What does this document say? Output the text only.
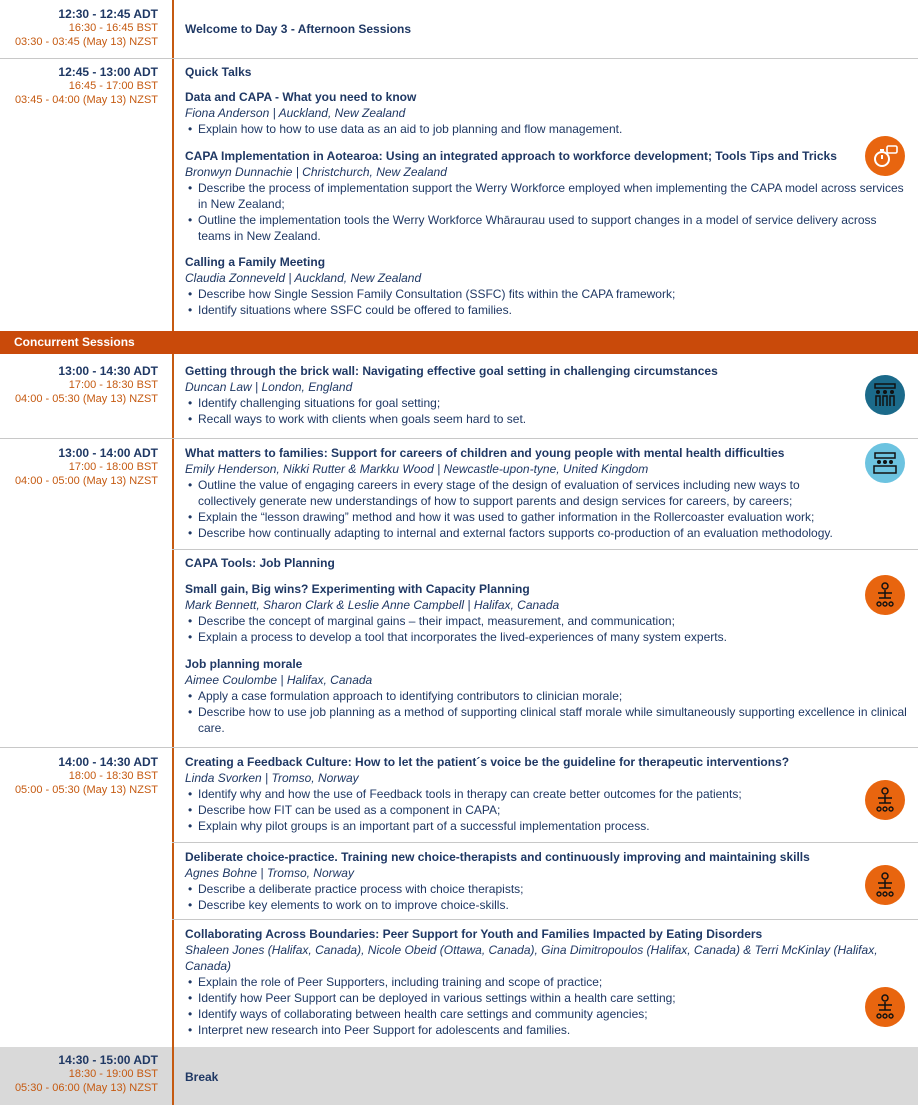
12:30 - 12:45 ADT
16:30 - 16:45 BST
03:30 - 03:45 (May 13) NZST
Welcome to Day 3 - Afternoon Sessions
12:45 - 13:00 ADT
16:45 - 17:00 BST
03:45 - 04:00 (May 13) NZST
Quick Talks
Data and CAPA - What you need to know
Fiona Anderson | Auckland, New Zealand
• Explain how to how to use data as an aid to job planning and flow management.
CAPA Implementation in Aotearoa: Using an integrated approach to workforce development; Tools Tips and Tricks
Bronwyn Dunnachie | Christchurch, New Zealand
• Describe the process of implementation support the Werry Workforce employed when implementing the CAPA model across services in New Zealand;
• Outline the implementation tools the Werry Workforce Whāraurau used to support changes in a model of service delivery across teams in New Zealand.
Calling a Family Meeting
Claudia Zonneveld | Auckland, New Zealand
• Describe how Single Session Family Consultation (SSFC) fits within the CAPA framework;
• Identify situations where SSFC could be offered to families.
Concurrent Sessions
13:00 - 14:30 ADT
17:00 - 18:30 BST
04:00 - 05:30 (May 13) NZST
Getting through the brick wall: Navigating effective goal setting in challenging circumstances
Duncan Law | London, England
• Identify challenging situations for goal setting;
• Recall ways to work with clients when goals seem hard to set.
13:00 - 14:00 ADT
17:00 - 18:00 BST
04:00 - 05:00 (May 13) NZST
What matters to families: Support for careers of children and young people with mental health difficulties
Emily Henderson, Nikki Rutter & Markku Wood | Newcastle-upon-tyne, United Kingdom
• Outline the value of engaging careers in every stage of the design of evaluation of services including new ways to collectively generate new understandings of how to support parents and design services for careers, by careers;
• Explain the “lesson drawing” method and how it was used to gather information in the Rollercoaster evaluation work;
• Describe how continually adapting to internal and external factors supports co-production of an evaluation methodology.
CAPA Tools: Job Planning
Small gain, Big wins? Experimenting with Capacity Planning
Mark Bennett, Sharon Clark & Leslie Anne Campbell | Halifax, Canada
• Describe the concept of marginal gains – their impact, measurement, and communication;
• Explain a process to develop a tool that incorporates the lived-experiences of many system experts.
Job planning morale
Aimee Coulombe | Halifax, Canada
• Apply a case formulation approach to identifying contributors to clinician morale;
• Describe how to use job planning as a method of supporting clinical staff morale while simultaneously supporting excellence in clinical care.
14:00 - 14:30 ADT
18:00 - 18:30 BST
05:00 - 05:30 (May 13) NZST
Creating a Feedback Culture: How to let the patient´s voice be the guideline for therapeutic interventions?
Linda Svorken | Tromso, Norway
• Identify why and how the use of Feedback tools in therapy can create better outcomes for the patients;
• Describe how FIT can be used as a component in CAPA;
• Explain why pilot groups is an important part of a successful implementation process.
Deliberate choice-practice. Training new choice-therapists and continuously improving and maintaining skills
Agnes Bohne | Tromso, Norway
• Describe a deliberate practice process with choice therapists;
• Describe key elements to work on to improve choice-skills.
Collaborating Across Boundaries: Peer Support for Youth and Families Impacted by Eating Disorders
Shaleen Jones (Halifax, Canada), Nicole Obeid (Ottawa, Canada), Gina Dimitropoulos (Halifax, Canada) & Terri McKinlay (Halifax, Canada)
• Explain the role of Peer Supporters, including training and scope of practice;
• Identify how Peer Support can be deployed in various settings within a health care setting;
• Identify ways of collaborating between health care settings and community agencies;
• Interpret new research into Peer Support for adolescents and families.
14:30 - 15:00 ADT
18:30 - 19:00 BST
05:30 - 06:00 (May 13) NZST
Break
